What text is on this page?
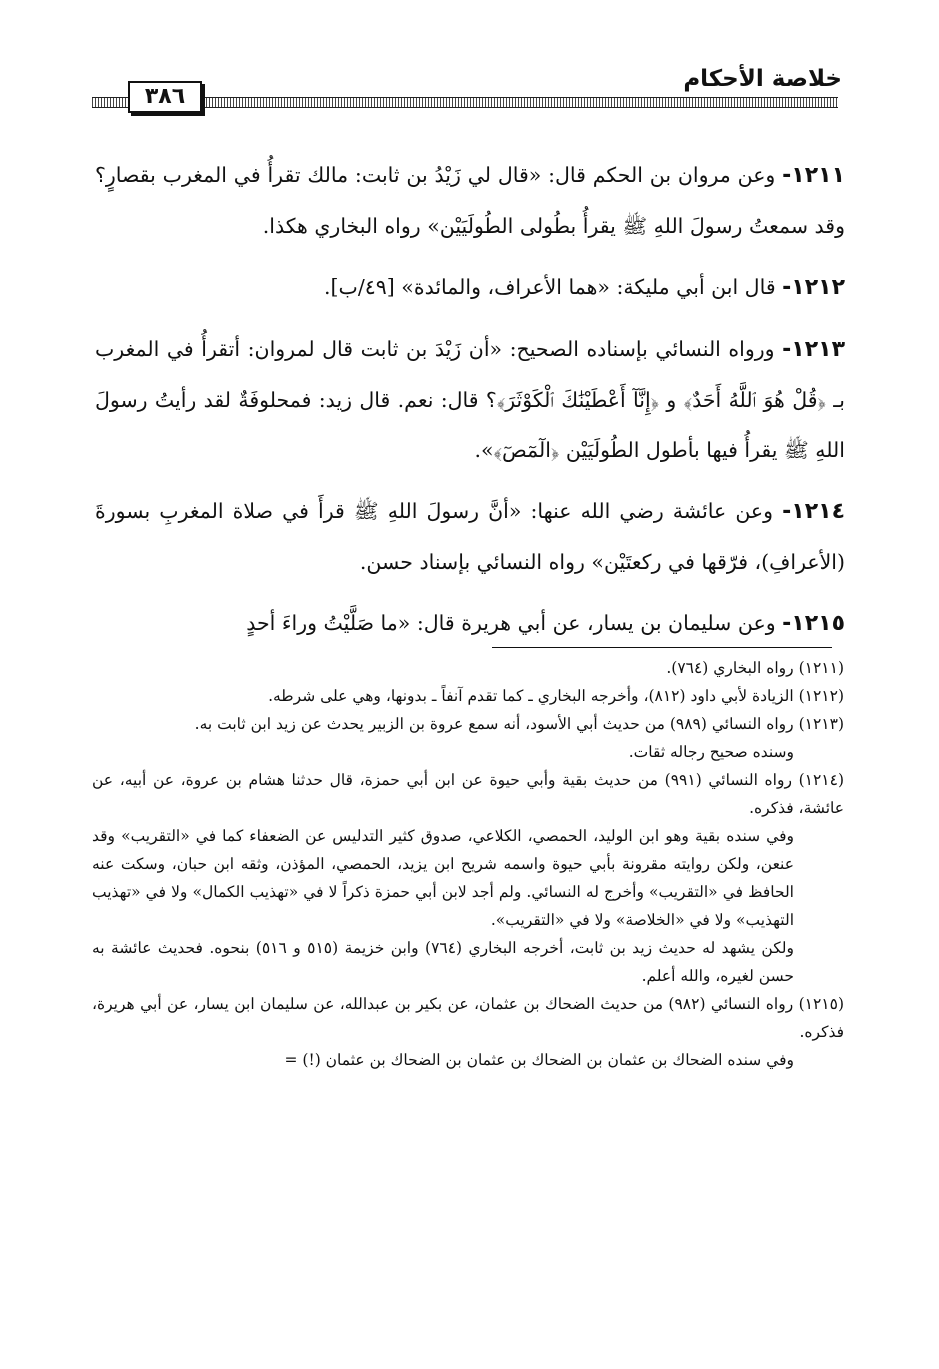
خلاصة الأحكام
٣٨٦

١٢١١- وعن مروان بن الحكم قال: «قال لي زَيْدُ بن ثابت: مالك تقرأُ في المغرب بقصارٍ؟ وقد سمعتُ رسولَ اللهِ ﷺ يقرأُ بطُولى الطُولَيَيْن» رواه البخاري هكذا.

١٢١٢- قال ابن أبي مليكة: «هما الأعراف، والمائدة» [٤٩/ب].

١٢١٣- ورواه النسائي بإسناده الصحيح: «أن زَيْدَ بن ثابت قال لمروان: أتقرأُ في المغرب بـ ﴿قُلْ هُوَ ٱللَّهُ أَحَدٌ﴾ و ﴿إِنَّآ أَعْطَيْنَٰكَ ٱلْكَوْثَرَ﴾؟ قال: نعم. قال زيد: فمحلوفَةٌ لقد رأيتُ رسولَ اللهِ ﷺ يقرأُ فيها بأطول الطُولَيَيْن ﴿الٓمٓصٓ﴾».

١٢١٤- وعن عائشة رضي الله عنها: «أنَّ رسولَ اللهِ ﷺ قرأَ في صلاة المغربِ بسورةَ (الأعرافِ)، فرّقها في ركعتَيْن» رواه النسائي بإسناد حسن.

١٢١٥- وعن سليمان بن يسار، عن أبي هريرة قال: «ما صَلَّيْتُ وراءَ أحدٍ

(١٢١١) رواه البخاري (٧٦٤).

(١٢١٢) الزيادة لأبي داود (٨١٢)، وأخرجه البخاري ـ كما تقدم آنفاً ـ بدونها، وهي على شرطه.

(١٢١٣) رواه النسائي (٩٨٩) من حديث أبي الأسود، أنه سمع عروة بن الزبير يحدث عن زيد ابن ثابت به.

وسنده صحيح رجاله ثقات.

(١٢١٤) رواه النسائي (٩٩١) من حديث بقية وأبي حيوة عن ابن أبي حمزة، قال حدثنا هشام بن عروة، عن أبيه، عن عائشة، فذكره.

وفي سنده بقية وهو ابن الوليد، الحمصي، الكلاعي، صدوق كثير التدليس عن الضعفاء كما في «التقريب» وقد عنعن، ولكن روايته مقرونة بأبي حيوة واسمه شريح ابن يزيد، الحمصي، المؤذن، وثقه ابن حبان، وسكت عنه الحافظ في «التقريب» وأخرج له النسائي. ولم أجد لابن أبي حمزة ذكراً لا في «تهذيب الكمال» ولا في «تهذيب التهذيب» ولا في «الخلاصة» ولا في «التقريب».

ولكن يشهد له حديث زيد بن ثابت، أخرجه البخاري (٧٦٤) وابن خزيمة (٥١٥ و ٥١٦) بنحوه. فحديث عائشة به حسن لغيره، والله أعلم.

(١٢١٥) رواه النسائي (٩٨٢) من حديث الضحاك بن عثمان، عن بكير بن عبدالله، عن سليمان ابن يسار، عن أبي هريرة، فذكره.

وفي سنده الضحاك بن عثمان بن الضحاك بن عثمان بن الضحاك بن عثمان (!) =
